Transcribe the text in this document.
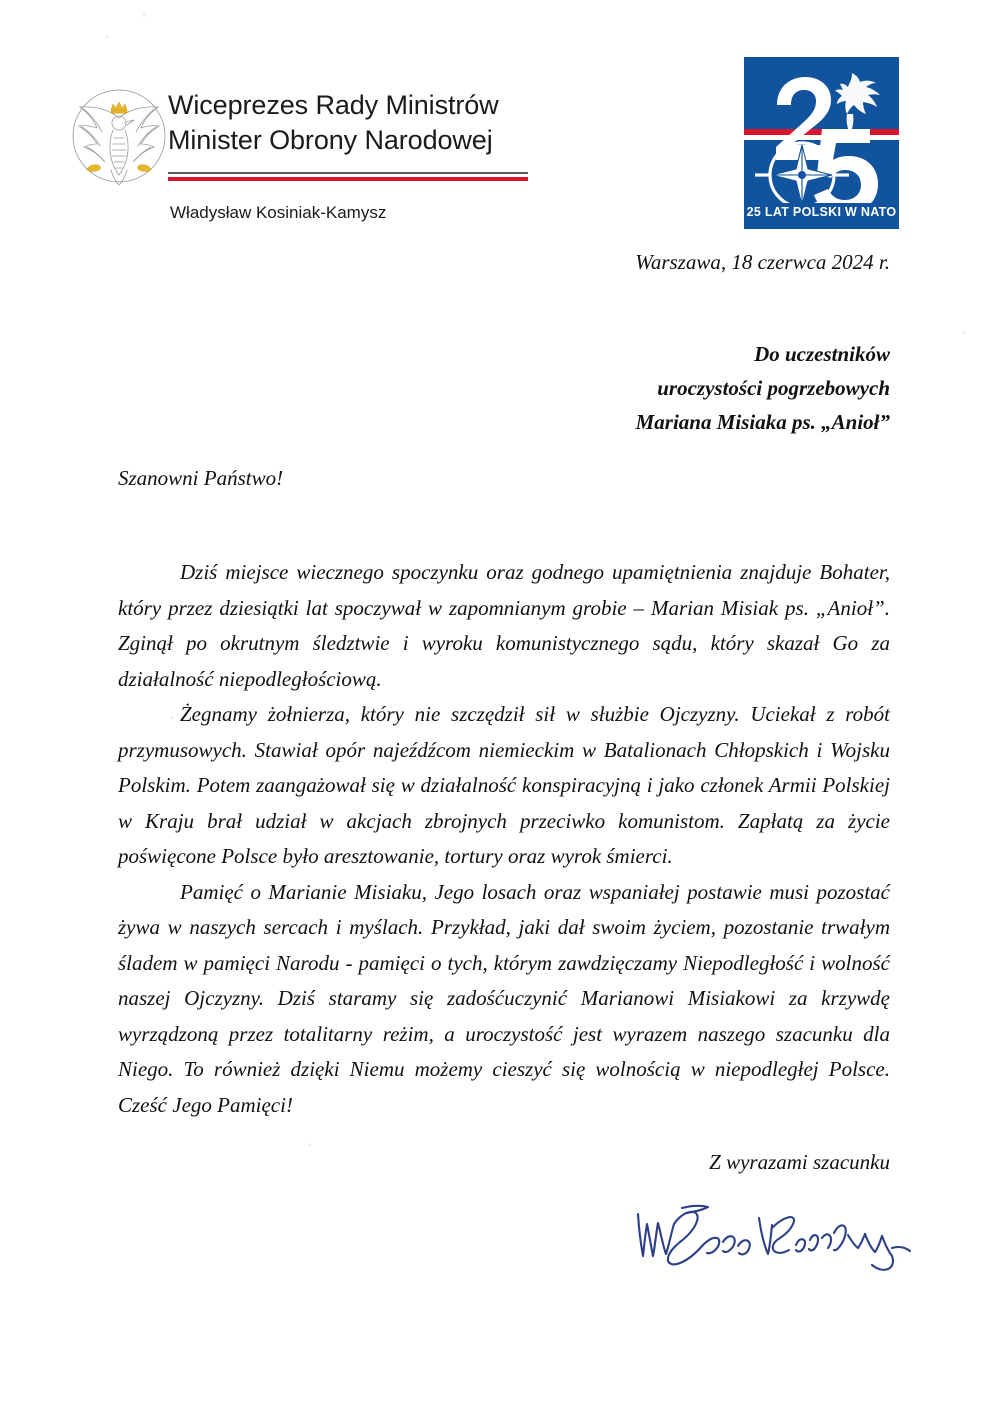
Wiceprezes Rady Ministrów
Minister Obrony Narodowej
Władysław Kosiniak-Kamysz	25 LAT POLSKI W NATO
Warszawa, 18 czerwca 2024 r.
Do uczestników
uroczystości pogrzebowych
Mariana Misiaka ps. „Anioł”
Szanowni Państwo!

Dziś miejsce wiecznego spoczynku oraz godnego upamiętnienia znajduje Bohater, który przez dziesiątki lat spoczywał w zapomnianym grobie – Marian Misiak ps. „Anioł”. Zginął po okrutnym śledztwie i wyroku komunistycznego sądu, który skazał Go za działalność niepodległościową.

Żegnamy żołnierza, który nie szczędził sił w służbie Ojczyzny. Uciekał z robót przymusowych. Stawiał opór najeźdźcom niemieckim w Batalionach Chłopskich i Wojsku Polskim. Potem zaangażował się w działalność konspiracyjną i jako członek Armii Polskiej w Kraju brał udział w akcjach zbrojnych przeciwko komunistom. Zapłatą za życie poświęcone Polsce było aresztowanie, tortury oraz wyrok śmierci.

Pamięć o Marianie Misiaku, Jego losach oraz wspaniałej postawie musi pozostać żywa w naszych sercach i myślach. Przykład, jaki dał swoim życiem, pozostanie trwałym śladem w pamięci Narodu - pamięci o tych, którym zawdzięczamy Niepodległość i wolność naszej Ojczyzny. Dziś staramy się zadośćuczynić Marianowi Misiakowi za krzywdę wyrządzoną przez totalitarny reżim, a uroczystość jest wyrazem naszego szacunku dla Niego. To również dzięki Niemu możemy cieszyć się wolnością w niepodległej Polsce. Cześć Jego Pamięci!

Z wyrazami szacunku
